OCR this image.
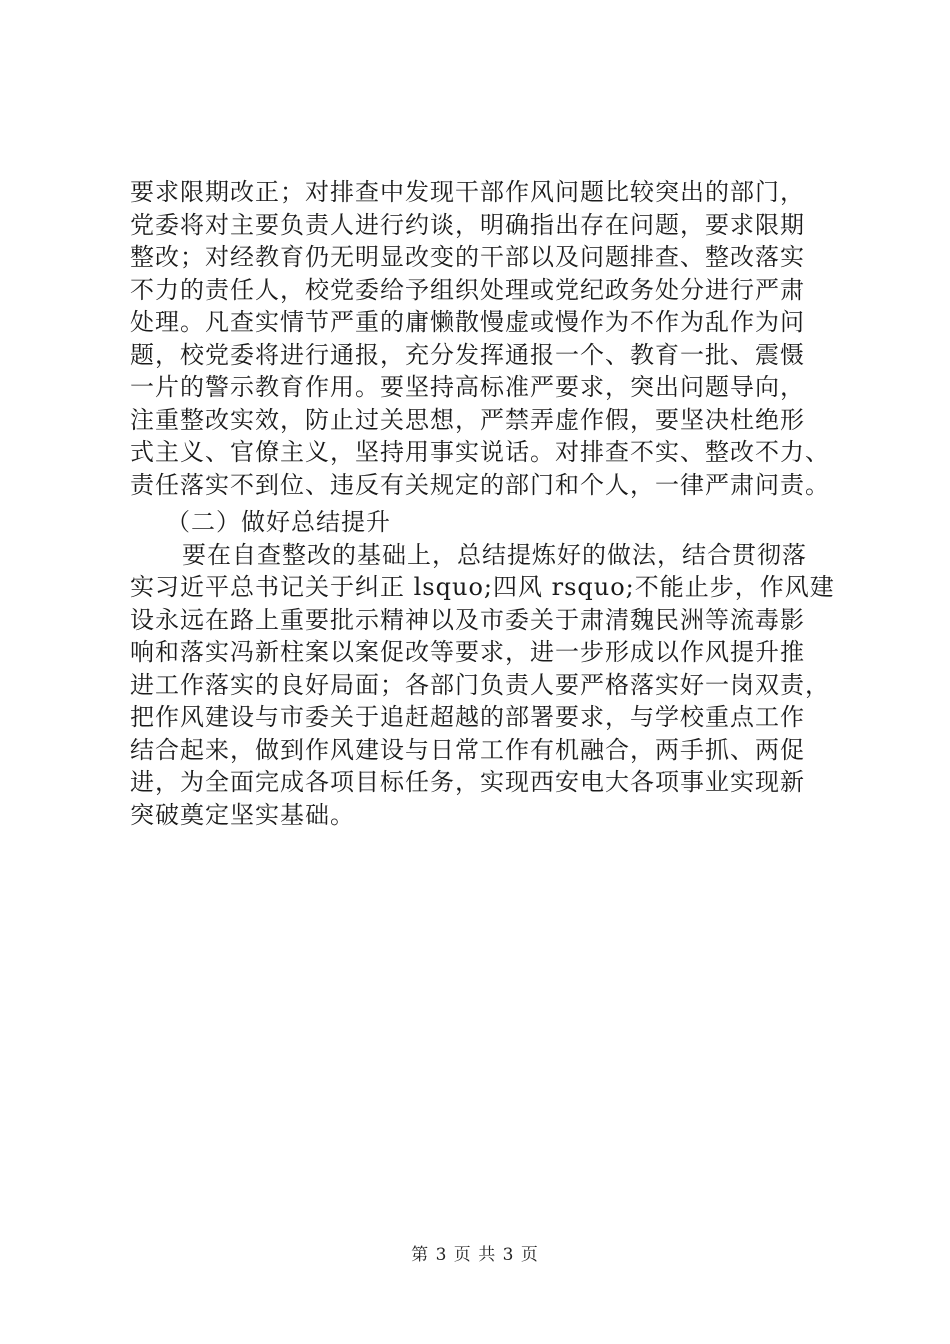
要求限期改正；对排查中发现干部作风问题比较突出的部门，
党委将对主要负责人进行约谈，明确指出存在问题，要求限期
整改；对经教育仍无明显改变的干部以及问题排查、整改落实
不力的责任人，校党委给予组织处理或党纪政务处分进行严肃
处理。凡查实情节严重的庸懒散慢虚或慢作为不作为乱作为问
题，校党委将进行通报，充分发挥通报一个、教育一批、震慑
一片的警示教育作用。要坚持高标准严要求，突出问题导向，
注重整改实效，防止过关思想，严禁弄虚作假，要坚决杜绝形
式主义、官僚主义，坚持用事实说话。对排查不实、整改不力、
责任落实不到位、违反有关规定的部门和个人，一律严肃问责。
（二）做好总结提升
要在自查整改的基础上，总结提炼好的做法，结合贯彻落
实习近平总书记关于纠正 lsquo;四风 rsquo;不能止步，作风建
设永远在路上重要批示精神以及市委关于肃清魏民洲等流毒影
响和落实冯新柱案以案促改等要求，进一步形成以作风提升推
进工作落实的良好局面；各部门负责人要严格落实好一岗双责，
把作风建设与市委关于追赶超越的部署要求，与学校重点工作
结合起来，做到作风建设与日常工作有机融合，两手抓、两促
进，为全面完成各项目标任务，实现西安电大各项事业实现新
突破奠定坚实基础。
第 3 页 共 3 页
